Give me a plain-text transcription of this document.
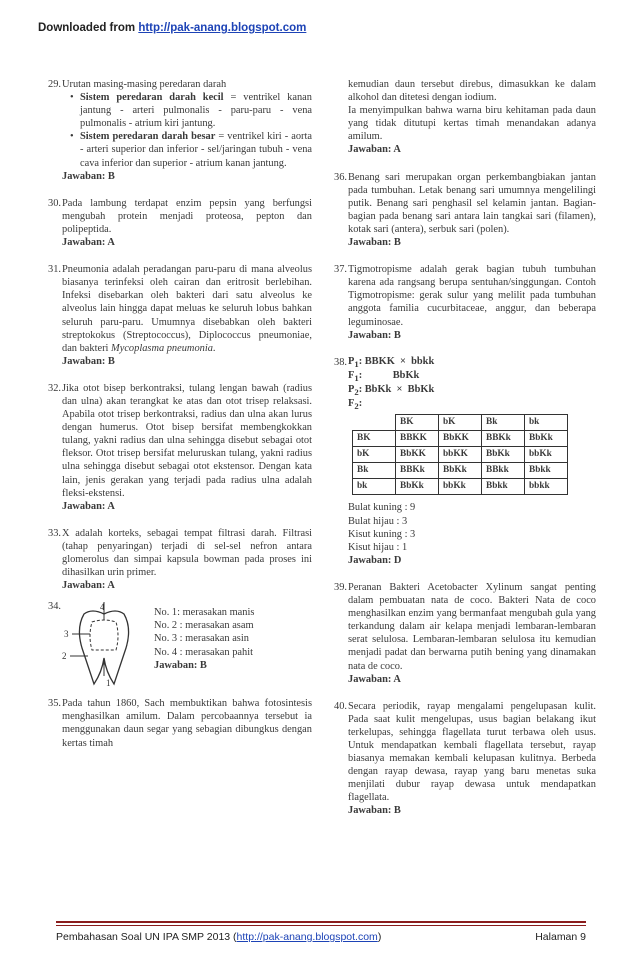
Downloaded from http://pak-anang.blogspot.com
29. Urutan masing-masing peredaran darah
• Sistem peredaran darah kecil = ventrikel kanan jantung - arteri pulmonalis - paru-paru - vena pulmonalis - atrium kiri jantung.
• Sistem peredaran darah besar = ventrikel kiri - aorta - arteri superior dan inferior - sel/jaringan tubuh - vena cava inferior dan superior - atrium kanan jantung.
Jawaban: B
30. Pada lambung terdapat enzim pepsin yang berfungsi mengubah protein menjadi proteosa, pepton dan polipeptida.
Jawaban: A
31. Pneumonia adalah peradangan paru-paru di mana alveolus biasanya terinfeksi oleh cairan dan eritrosit berlebihan. Infeksi disebarkan oleh bakteri dari satu alveolus ke alveolus lain hingga dapat meluas ke seluruh lobus bahkan seluruh paru-paru. Umumnya disebabkan oleh bakteri streptokokus (Streptococcus), Diplococcus pneumoniae, dan bakteri Mycoplasma pneumonia.
Jawaban: B
32. Jika otot bisep berkontraksi, tulang lengan bawah (radius dan ulna) akan terangkat ke atas dan otot trisep relaksasi. Apabila otot trisep berkontraksi, radius dan ulna akan lurus dengan humerus. Otot bisep bersifat membengkokkan tulang, yakni radius dan ulna sehingga disebut sebagai otot fleksor. Otot trisep bersifat meluruskan tulang, yakni radius ulna sehingga disebut sebagai otot ekstensor. Dengan kata lain, jenis gerakan yang terjadi pada radius ulna adalah fleksi-ekstensi.
Jawaban: A
33. X adalah korteks, sebagai tempat filtrasi darah. Filtrasi (tahap penyaringan) terjadi di sel-sel nefron antara glomerolus dan simpai kapsula bowman pada proses ini dihasilkan urin primer.
Jawaban: A
34.	4
3
2
1
No. 1: merasakan manis
No. 2 : merasakan asam
No. 3 : merasakan asin
No. 4 : merasakan pahit
Jawaban: B
35. Pada tahun 1860, Sach membuktikan bahwa fotosintesis menghasilkan amilum. Dalam percobaannya tersebut ia menggunakan daun segar yang sebagian dibungkus dengan kertas timah
kemudian daun tersebut direbus, dimasukkan ke dalam alkohol dan ditetesi dengan iodium.
Ia menyimpulkan bahwa warna biru kehitaman pada daun yang tidak ditutupi kertas timah menandakan adanya amilum.
Jawaban: A
36. Benang sari merupakan organ perkembangbiakan jantan pada tumbuhan. Letak benang sari umumnya mengelilingi putik. Benang sari penghasil sel kelamin jantan. Bagian-bagian pada benang sari antara lain tangkai sari (filamen), kotak sari (antera), serbuk sari (polen).
Jawaban: B
37. Tigmotropisme adalah gerak bagian tubuh tumbuhan karena ada rangsang berupa sentuhan/singgungan. Contoh Tigmotropisme: gerak sulur yang melilit pada tumbuhan anggota familia cucurbitaceae, anggur, dan beberapa leguminosae.
Jawaban: B
38. $P_1$: BBKK × bbkk
$F_1$:	BbKk
$P_2$: BbKk × BbKk
$F_2$:
	BK	bK	Bk	bk
BK	BBKK	BbKK	BBKk	BbKk
bK	BbKK	bbKK	BbKk	bbKk
Bk	BBKk	BbKk	BBkk	Bbkk
bk	BbKk	bbKk	Bbkk	bbkk
Bulat kuning : 9
Bulat hijau : 3
Kisut kuning : 3
Kisut hijau : 1
Jawaban: D
39. Peranan Bakteri Acetobacter Xylinum sangat penting dalam pembuatan nata de coco. Bakteri Nata de coco menghasilkan enzim yang bermanfaat mengubah gula yang terkandung dalam air kelapa menjadi lembaran-lembaran serat selulosa. Lembaran-lembaran selulosa itu kemudian menjadi padat dan berwarna putih bening yang dinamakan nata de coco.
Jawaban: A
40. Secara periodik, rayap mengalami pengelupasan kulit. Pada saat kulit mengelupas, usus bagian belakang ikut terkelupas, sehingga flagellata turut terbawa oleh usus. Untuk mendapatkan kembali flagellata tersebut, rayap biasanya memakan kembali kelupasan kulitnya. Berbeda dengan rayap dewasa, rayap yang baru menetas suka menjilati dubur rayap dewasa untuk mendapatkan flagellata.
Jawaban: B
Pembahasan Soal UN IPA SMP 2013 (http://pak-anang.blogspot.com)	Halaman 9
